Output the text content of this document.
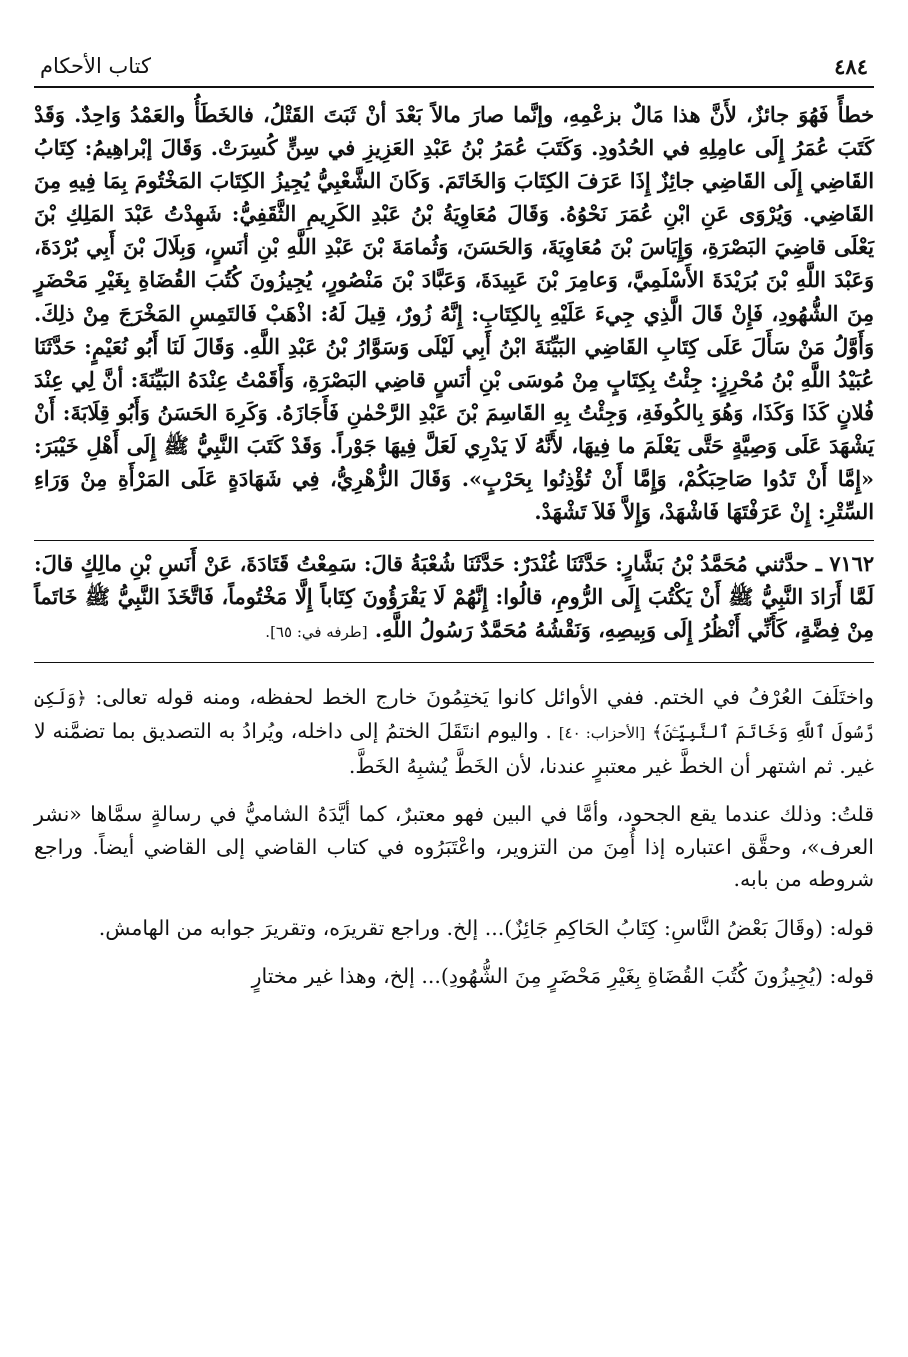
٤٨٤
كتاب الأحكام

خطأً فَهُوَ جائزٌ، لأَنَّ هذا مَالٌ بزعْمِهِ، وإنَّما صارَ مالاً بَعْدَ أنْ ثَبَتَ القَتْلُ، فالخَطَأُ والعَمْدُ وَاحِدٌ. وَقَدْ كَتَبَ عُمَرُ إِلَى عامِلِهِ في الحُدُودِ. وَكَتَبَ عُمَرُ بْنُ عَبْدِ العَزِيزِ في سِنٍّ كُسِرَتْ. وَقَالَ إبْراهِيمُ: كِتَابُ القَاضِي إِلَى القَاضِي جائِزٌ إِذَا عَرَفَ الكِتَابَ وَالخَاتَمَ. وَكَانَ الشَّعْبِيُّ يُجِيزُ الكِتَابَ المَخْتُومَ بِمَا فِيهِ مِنَ القَاضِي. وَيُرْوَى عَنِ ابْنِ عُمَرَ نَحْوُهُ. وَقَالَ مُعَاوِيَةُ بْنُ عَبْدِ الكَرِيمِ الثَّقَفِيُّ: شَهِدْتُ عَبْدَ المَلِكِ بْنَ يَعْلَى قاضِيَ البَصْرَةِ، وَإِيَاسَ بْنَ مُعَاوِيَةَ، وَالحَسَنَ، وَثُمامَةَ بْنَ عَبْدِ اللَّهِ بْنِ أنَسٍ، وَبِلَالَ بْنَ أَبِي بُرْدَةَ، وَعَبْدَ اللَّهِ بْنَ بُرَيْدَةَ الأَسْلَمِيَّ، وَعامِرَ بْنَ عَبِيدَةَ، وَعَبَّادَ بْنَ مَنْصُورٍ، يُجِيزُونَ كُتُبَ القُضَاةِ بِغَيْرِ مَحْضَرٍ مِنَ الشُّهُودِ، فَإِنْ قَالَ الَّذِي جِيءَ عَلَيْهِ بِالكِتَابِ: إِنَّهُ زُورٌ، قِيلَ لَهُ: اذْهَبْ فَالتَمِسِ المَخْرَجَ مِنْ ذلِكَ. وَأَوَّلُ مَنْ سَأَلَ عَلَى كِتَابِ القَاضِي البَيِّنَةَ ابْنُ أَبِي لَيْلَى وَسَوَّارُ بْنُ عَبْدِ اللَّهِ. وَقَالَ لَنَا أَبُو نُعَيْمٍ: حَدَّثَنَا عُبَيْدُ اللَّهِ بْنُ مُحْرِزٍ: جِئْتُ بِكِتَابٍ مِنْ مُوسَى بْنِ أنَسٍ قاضِي البَصْرَةِ، وَأَقَمْتُ عِنْدَهُ البَيِّنَةَ: أنَّ لِي عِنْدَ فُلانٍ كَذَا وَكَذَا، وَهُوَ بِالكُوفَةِ، وَجِئْتُ بِهِ القَاسِمَ بْنَ عَبْدِ الرَّحْمٰنِ فَأَجَازَهُ. وَكَرِهَ الحَسَنُ وَأَبُو قِلَابَةَ: أَنْ يَشْهَدَ عَلَى وَصِيَّةٍ حَتَّى يَعْلَمَ ما فِيهَا، لأَنَّهُ لَا يَدْرِي لَعَلَّ فِيهَا جَوْراً. وَقَدْ كَتَبَ النَّبِيُّ ﷺ إِلَى أَهْلِ خَيْبَرَ: «إِمَّا أَنْ تَدُوا صَاحِبَكُمْ، وَإِمَّا أَنْ تُؤْذِنُوا بِحَرْبٍ». وَقَالَ الزُّهْرِيُّ، فِي شَهَادَةٍ عَلَى المَرْأَةِ مِنْ وَرَاءِ السِّتْرِ: إِنْ عَرَفْتَهَا فَاشْهَدْ، وَإِلاَّ فَلاَ تَشْهَدْ.

٧١٦٢ ـ حدَّثني مُحَمَّدُ بْنُ بَشَّارٍ: حَدَّثَنَا غُنْدَرٌ: حَدَّثَنَا شُعْبَةُ قالَ: سَمِعْتُ قَتَادَةَ، عَنْ أَنَسِ بْنِ مالِكٍ قالَ: لَمَّا أَرَادَ النَّبِيُّ ﷺ أَنْ يَكْتُبَ إِلَى الرُّومِ، قالُوا: إِنَّهُمْ لَا يَقْرَؤُونَ كِتَاباً إِلَّا مَخْتُوماً، فَاتَّخَذَ النَّبِيُّ ﷺ خَاتَماً مِنْ فِضَّةٍ، كَأَنِّي أَنْظُرُ إِلَى وَبِيصِهِ، وَنَقْشُهُ مُحَمَّدٌ رَسُولُ اللَّهِ. [طرفه في: ٦٥].

واختَلَفَ العُرْفُ في الختم. ففي الأوائل كانوا يَختِمُونَ خارج الخط لحفظه، ومنه قوله تعالى: ﴿وَلَكِن رَّسُولَ ٱللَّهِ وَخَاتَمَ ٱلنَّبِيِّـۧنَ﴾ [الأحزاب: ٤٠] . واليوم انتَقَلَ الختمُ إلى داخله، ويُرادُ به التصديق بما تضمَّنه لا غير. ثم اشتهر أن الخطَّ غير معتبرٍ عندنا، لأن الخَطَّ يُشبِهُ الخَطَّ.

قلتُ: وذلك عندما يقع الجحود، وأمَّا في البين فهو معتبرٌ، كما أيَّدَهُ الشاميُّ في رسالةٍ سمَّاها «نشر العرف»، وحقَّق اعتباره إذا أُمِنَ من التزوير، واعْتَبَرُوه في كتاب القاضي إلى القاضي أيضاً. وراجع شروطه من بابه.

قوله: (وقَالَ بَعْضُ النَّاسِ: كِتَابُ الحَاكِمِ جَائِزٌ)... إلخ. وراجع تقريرَه، وتقريرَ جوابه من الهامش.

قوله: (يُجِيزُونَ كُتُبَ القُضَاةِ بِغَيْرِ مَحْضَرٍ مِنَ الشُّهُودِ)... إلخ، وهذا غير مختارٍ
